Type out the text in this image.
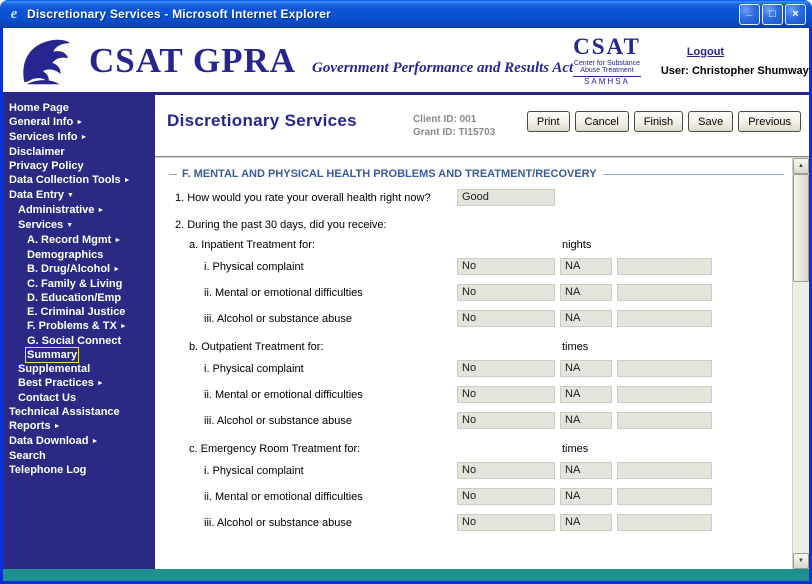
e Discretionary Services - Microsoft Internet Explorer	_ □ ×
CSAT GPRA Government Performance and Results Act
CSAT
Center for Substance
Abuse Treatment
SAMHSA
Logout
User: Christopher Shumway
Home Page
General Info ►
Services Info ►
Disclaimer
Privacy Policy
Data Collection Tools ►
Data Entry ▼
Administrative ►
Services ▼
A. Record Mgmt ►
Demographics
B. Drug/Alcohol ►
C. Family & Living
D. Education/Emp
E. Criminal Justice
F. Problems & TX ►
G. Social Connect
Summary
Supplemental
Best Practices ►
Contact Us
Technical Assistance
Reports ►
Data Download ►
Search
Telephone Log
Discretionary Services	Client ID: 001
Grant ID: TI15703
Print	Cancel	Finish	Save	Previous
F. MENTAL AND PHYSICAL HEALTH PROBLEMS AND TREATMENT/RECOVERY
1. How would you rate your overall health right now?	Good
2. During the past 30 days, did you receive:
a. Inpatient Treatment for:	nights
i. Physical complaint	No	NA
ii. Mental or emotional difficulties	No	NA
iii. Alcohol or substance abuse	No	NA
b. Outpatient Treatment for:	times
i. Physical complaint	No	NA
ii. Mental or emotional difficulties	No	NA
iii. Alcohol or substance abuse	No	NA
c. Emergency Room Treatment for:	times
i. Physical complaint	No	NA
ii. Mental or emotional difficulties	No	NA
iii. Alcohol or substance abuse	No	NA
▲
▼
